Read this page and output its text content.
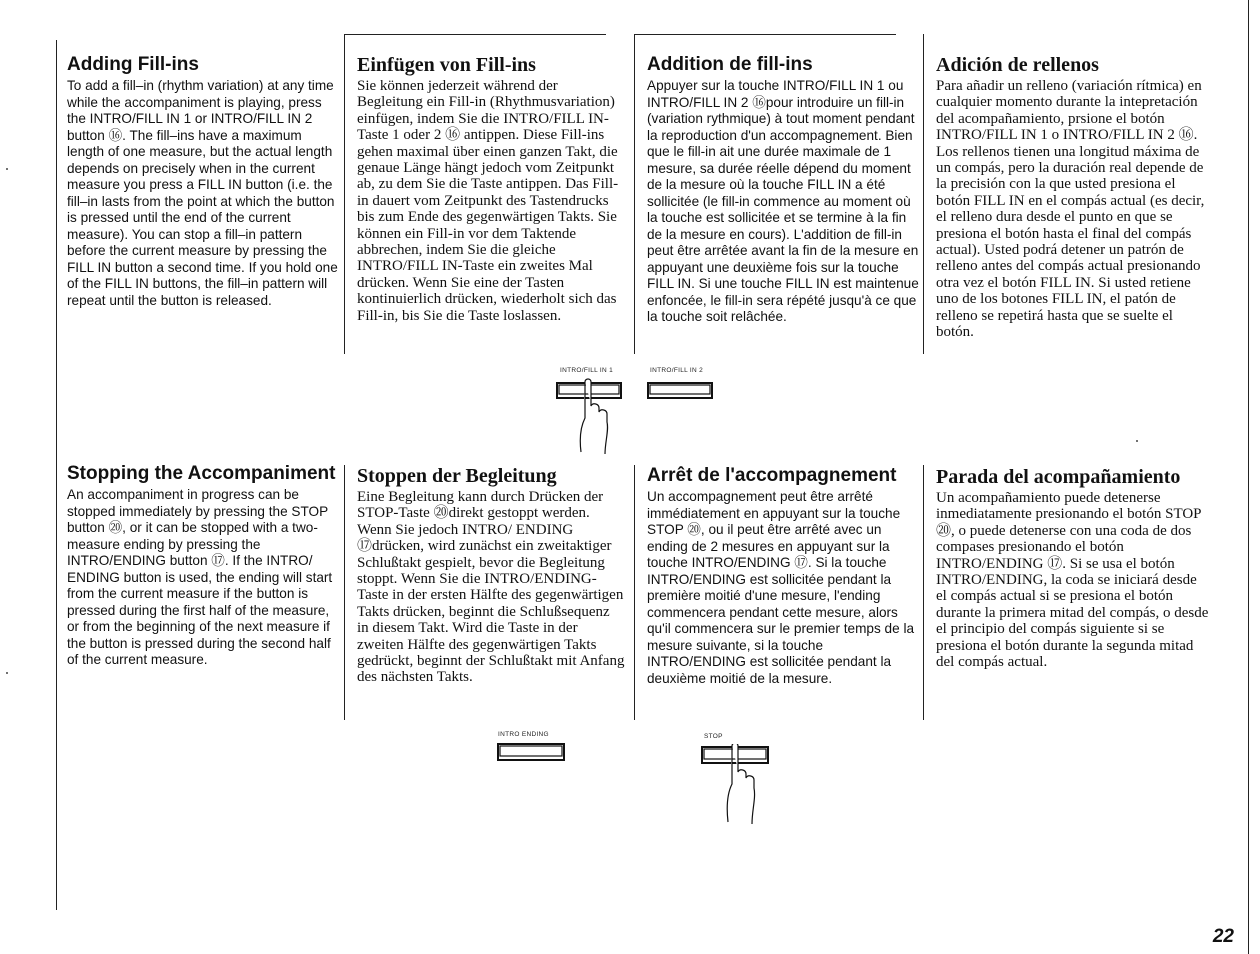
Adding Fill-ins

To add a fill–in (rhythm variation) at any time while the accompaniment is playing, press the INTRO/FILL IN 1 or INTRO/FILL IN 2 button ⑯. The fill–ins have a maximum length of one measure, but the actual length depends on precisely when in the current measure you press a FILL IN button (i.e. the fill–in lasts from the point at which the button is pressed until the end of the current measure). You can stop a fill–in pattern before the current measure by pressing the FILL IN button a second time. If you hold one of the FILL IN buttons, the fill–in pattern will repeat until the button is released.

Einfügen von Fill-ins

Sie können jederzeit während der Begleitung ein Fill-in (Rhythmusvariation) einfügen, indem Sie die INTRO/FILL IN-Taste 1 oder 2 ⑯ antippen. Diese Fill-ins gehen maximal über einen ganzen Takt, die genaue Länge hängt jedoch vom Zeitpunkt ab, zu dem Sie die Taste antippen. Das Fill-in dauert vom Zeitpunkt des Tastendrucks bis zum Ende des gegenwärtigen Takts. Sie können ein Fill-in vor dem Taktende abbrechen, indem Sie die gleiche INTRO/FILL IN-Taste ein zweites Mal drücken. Wenn Sie eine der Tasten kontinuierlich drücken, wiederholt sich das Fill-in, bis Sie die Taste loslassen.

Addition de fill-ins

Appuyer sur la touche INTRO/FILL IN 1 ou INTRO/FILL IN 2 ⑯pour introduire un fill-in (variation rythmique) à tout moment pendant la reproduction d'un accompagnement. Bien que le fill-in ait une durée maximale de 1 mesure, sa durée réelle dépend du moment de la mesure où la touche FILL IN a été sollicitée (le fill-in commence au moment où la touche est sollicitée et se termine à la fin de la mesure en cours). L'addition de fill-in peut être arrêtée avant la fin de la mesure en appuyant une deuxième fois sur la touche FILL IN. Si une touche FILL IN est maintenue enfoncée, le fill-in sera répété jusqu'à ce que la touche soit relâchée.

Adición de rellenos

Para añadir un relleno (variación rítmica) en cualquier momento durante la intepretación del acompañamiento, prsione el botón INTRO/FILL IN 1 o INTRO/FILL IN 2 ⑯. Los rellenos tienen una longitud máxima de un compás, pero la duración real depende de la precisión con la que usted presiona el botón FILL IN en el compás actual (es decir, el relleno dura desde el punto en que se presiona el botón hasta el final del compás actual). Usted podrá detener un patrón de relleno antes del compás actual presionando otra vez el botón FILL IN. Si usted retiene uno de los botones FILL IN, el patón de relleno se repetirá hasta que se suelte el botón.

INTRO/FILL IN 1	INTRO/FILL IN 2
Stopping the Accompaniment

An accompaniment in progress can be stopped immediately by pressing the STOP button ⑳, or it can be stopped with a two-measure ending by pressing the INTRO/ENDING button ⑰. If the INTRO/ ENDING button is used, the ending will start from the current measure if the button is pressed during the first half of the measure, or from the beginning of the next measure if the button is pressed during the second half of the current measure.

Stoppen der Begleitung

Eine Begleitung kann durch Drücken der STOP-Taste ⑳direkt gestoppt werden. Wenn Sie jedoch INTRO/ ENDING ⑰drücken, wird zunächst ein zweitaktiger Schlußtakt gespielt, bevor die Begleitung stoppt. Wenn Sie die INTRO/ENDING-Taste in der ersten Hälfte des gegenwärtigen Takts drücken, beginnt die Schlußsequenz in diesem Takt. Wird die Taste in der zweiten Hälfte des gegenwärtigen Takts gedrückt, beginnt der Schlußtakt mit Anfang des nächsten Takts.

Arrêt de l'accompagnement

Un accompagnement peut être arrêté immédiatement en appuyant sur la touche STOP ⑳, ou il peut être arrêté avec un ending de 2 mesures en appuyant sur la touche INTRO/ENDING ⑰. Si la touche INTRO/ENDING est sollicitée pendant la première moitié d'une mesure, l'ending commencera pendant cette mesure, alors qu'il commencera sur le premier temps de la mesure suivante, si la touche INTRO/ENDING est sollicitée pendant la deuxième moitié de la mesure.

Parada del acompañamiento

Un acompañamiento puede detenerse inmediatamente presionando el botón STOP ⑳, o puede detenerse con una coda de dos compases presionando el botón INTRO/ENDING ⑰. Si se usa el botón INTRO/ENDING, la coda se iniciará desde el compás actual si se presiona el botón durante la primera mitad del compás, o desde el principio del compás siguiente si se presiona el botón durante la segunda mitad del compás actual.

INTRO ENDING	STOP
22
